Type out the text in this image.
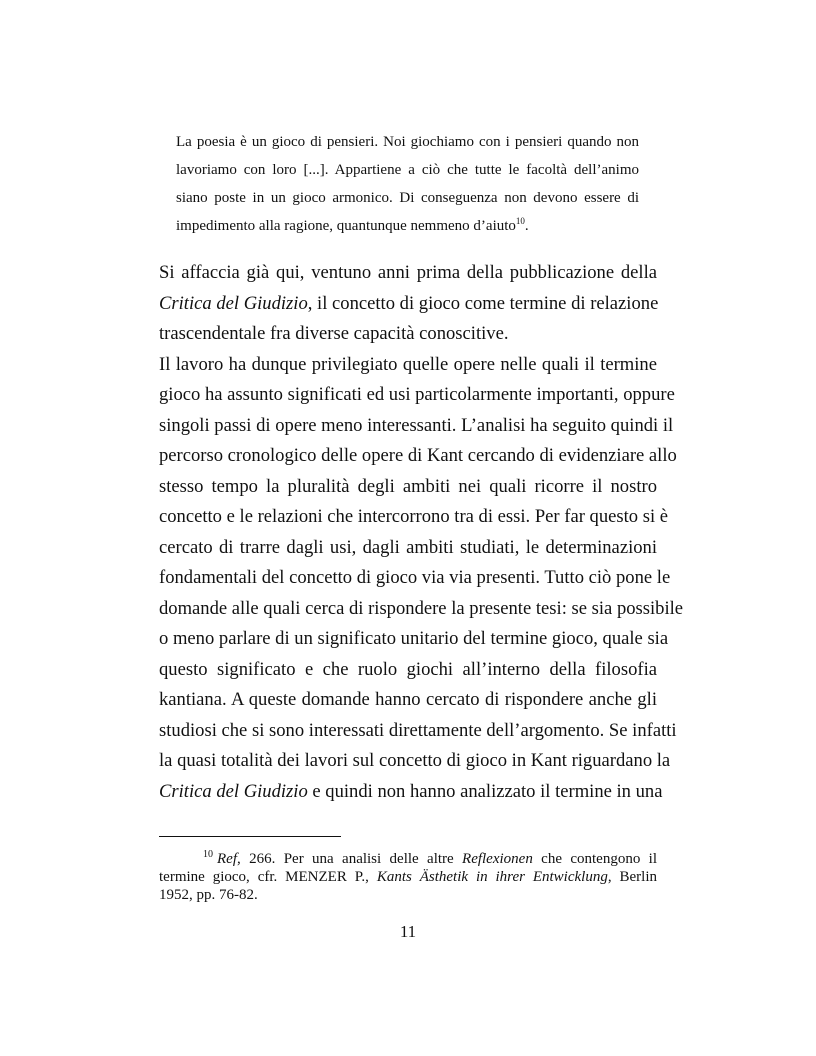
La poesia è un gioco di pensieri. Noi giochiamo con i pensieri quando non
lavoriamo con loro [...]. Appartiene a ciò che tutte le facoltà dell’animo
siano poste in un gioco armonico. Di conseguenza non devono essere di
impedimento alla ragione, quantunque nemmeno d’aiuto$^{10}$.
Si affaccia già qui, ventuno anni prima della pubblicazione della
Critica del Giudizio, il concetto di gioco come termine di relazione
trascendentale fra diverse capacità conoscitive.
Il lavoro ha dunque privilegiato quelle opere nelle quali il termine
gioco ha assunto significati ed usi particolarmente importanti, oppure
singoli passi di opere meno interessanti. L’analisi ha seguito quindi il
percorso cronologico delle opere di Kant cercando di evidenziare allo
stesso tempo la pluralità degli ambiti nei quali ricorre il nostro
concetto e le relazioni che intercorrono tra di essi. Per far questo si è
cercato di trarre dagli usi, dagli ambiti studiati, le determinazioni
fondamentali del concetto di gioco via via presenti. Tutto ciò pone le
domande alle quali cerca di rispondere la presente tesi: se sia possibile
o meno parlare di un significato unitario del termine gioco, quale sia
questo significato e che ruolo giochi all’interno della filosofia
kantiana. A queste domande hanno cercato di rispondere anche gli
studiosi che si sono interessati direttamente dell’argomento. Se infatti
la quasi totalità dei lavori sul concetto di gioco in Kant riguardano la
Critica del Giudizio e quindi non hanno analizzato il termine in una
$^{10}$ Ref, 266. Per una analisi delle altre Reflexionen che contengono il
termine gioco, cfr. MENZER P., Kants Ästhetik in ihrer Entwicklung, Berlin
1952, pp. 76-82.
11
